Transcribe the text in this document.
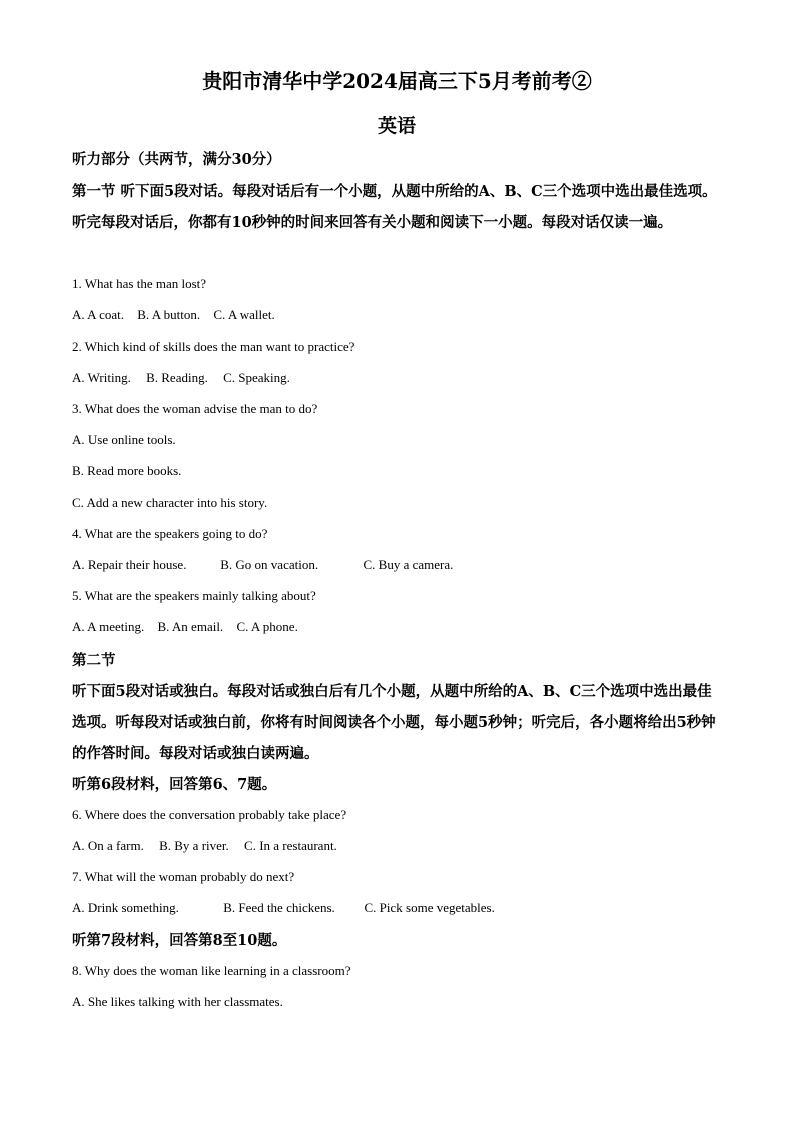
贵阳市清华中学2024届高三下5月考前考②
英语
听力部分（共两节，满分30分）
第一节 听下面5段对话。每段对话后有一个小题，从题中所给的A、B、C三个选项中选出最佳选项。听完每段对话后，你都有10秒钟的时间来回答有关小题和阅读下一小题。每段对话仅读一遍。
1. What has the man lost?
A. A coat. B. A button. C. A wallet.
2. Which kind of skills does the man want to practice?
A. Writing. B. Reading. C. Speaking.
3. What does the woman advise the man to do?
A. Use online tools.
B. Read more books.
C. Add a new character into his story.
4. What are the speakers going to do?
A. Repair their house.	B. Go on vacation.	C. Buy a camera.
5. What are the speakers mainly talking about?
A. A meeting. B. An email. C. A phone.
第二节
听下面5段对话或独白。每段对话或独白后有几个小题，从题中所给的A、B、C三个选项中选出最佳选项。听每段对话或独白前，你将有时间阅读各个小题，每小题5秒钟；听完后，各小题将给出5秒钟的作答时间。每段对话或独白读两遍。
听第6段材料，回答第6、7题。
6. Where does the conversation probably take place?
A. On a farm. B. By a river. C. In a restaurant.
7. What will the woman probably do next?
A. Drink something.	B. Feed the chickens. C. Pick some vegetables.
听第7段材料，回答第8至10题。
8. Why does the woman like learning in a classroom?
A. She likes talking with her classmates.
